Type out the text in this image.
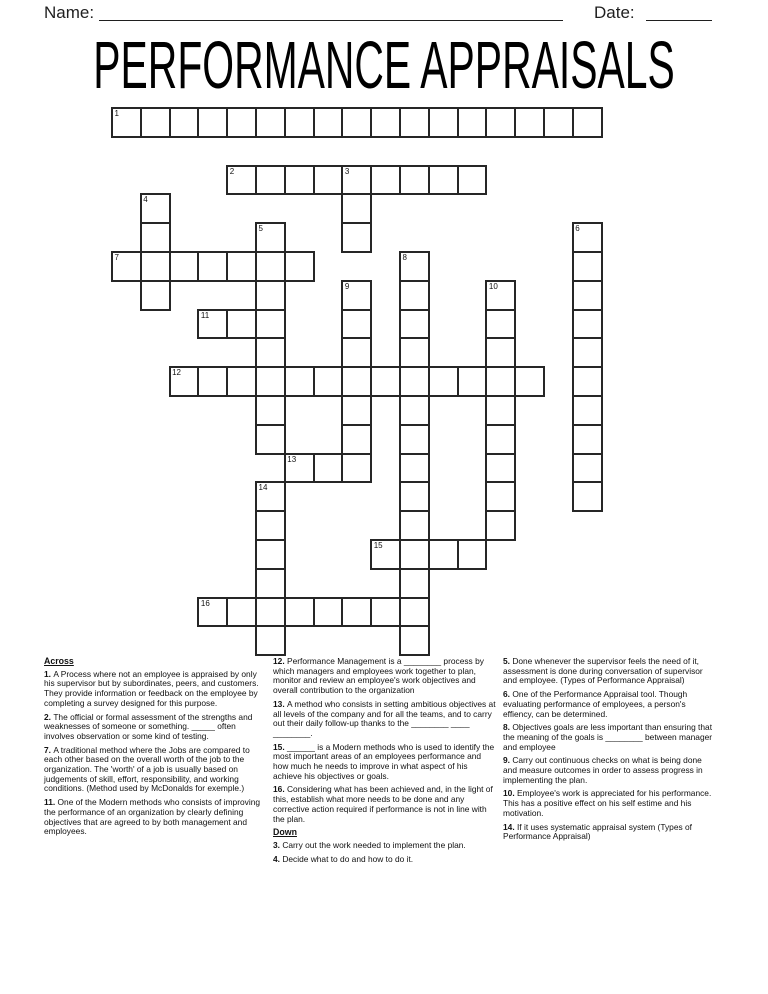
Name:	Date:
PERFORMANCE APPRAISALS
1
2	3
4
5	6
7	8
9	10
11
12
13
14
15
16
Across

1. A Process where not an employee is appraised by only his supervisor but by subordinates, peers, and customers. They provide information or feedback on the employee by completing a survey designed for this purpose.

2. The official or formal assessment of the strengths and weaknesses of someone or something. _____ often involves observation or some kind of testing.

7. A traditional method where the Jobs are compared to each other based on the overall worth of the job to the organization. The 'worth' of a job is usually based on judgements of skill, effort, responsibility, and working conditions. (Method used by McDonalds for exemple.)

11. One of the Modern methods who consists of improving the performance of an organization by clearly defining objectives that are agreed to by both management and employees.

12. Performance Management is a ________ process by which managers and employees work together to plan, monitor and review an employee's work objectives and overall contribution to the organization

13. A method who consists in setting ambitious objectives at all levels of the company and for all the teams, and to carry out their daily follow-up thanks to the ________ ____ ________.

15. ______ is a Modern methods who is used to identify the most important areas of an employees performance and how much he needs to improve in what aspect of his achieve his objectives or goals.

16. Considering what has been achieved and, in the light of this, establish what more needs to be done and any corrective action required if performance is not in line with the plan.

Down

3. Carry out the work needed to implement the plan.

4. Decide what to do and how to do it.

5. Done whenever the supervisor feels the need of it, assessment is done during conversation of supervisor and employee. (Types of Performance Appraisal)

6. One of the Performance Appraisal tool. Though evaluating performance of employees, a person's effiency, can be determined.

8. Objectives goals are less important than ensuring that the meaning of the goals is ________ between manager and employee

9. Carry out continuous checks on what is being done and measure outcomes in order to assess progress in implementing the plan.

10. Employee's work is appreciated for his performance. This has a positive effect on his self estime and his motivation.

14. If it uses systematic appraisal system (Types of Performance Appraisal)
